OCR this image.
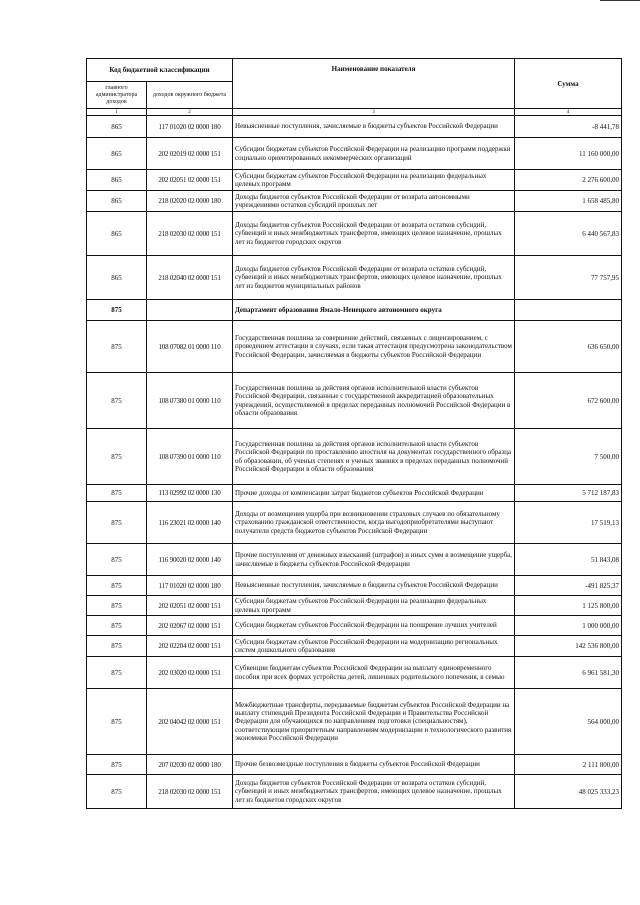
Код бюджетной классификации		Наименование показателя	Сумма
главного администратора доходов	доходов окружного бюджета		
1	2	3	4
865	117 01020 02 0000 180	Невыясненные поступления, зачисляемые в бюджеты субъектов Российской Федерации	-8 441,78
865	202 02019 02 0000 151	Субсидии бюджетам субъектов Российской Федерации на реализацию программ поддержки социально ориентированных некоммерческих организаций	11 160 000,00
865	202 02051 02 0000 151	Субсидии бюджетам субъектов Российской Федерации на реализацию федеральных целевых программ	2 276 600,00
865	218 02020 02 0000 180	Доходы бюджетов субъектов Российской Федерации от возврата автономными учреждениями остатков субсидий прошлых лет	1 658 485,80
865	218 02030 02 0000 151	Доходы бюджетов субъектов Российской Федерации от возврата остатков субсидий, субвенций и иных межбюджетных трансфертов, имеющих целевое назначение, прошлых лет из бюджетов городских округов	6 440 567,83
865	218 02040 02 0000 151	Доходы бюджетов субъектов Российской Федерации от возврата остатков субсидий, субвенций и иных межбюджетных трансфертов, имеющих целевое назначение, прошлых лет из бюджетов муниципальных районов	77 757,95
875		Департамент образования Ямало-Ненецкого автономного округа	
875	108 07082 01 0000 110	Государственная пошлина за совершение действий, связанных с лицензированием, с проведением аттестации в случаях, если такая аттестация предусмотрена законодательством Российской Федерации, зачисляемая в бюджеты субъектов Российской Федерации	636 650,00
875	108 07380 01 0000 110	Государственная пошлина за действия органов исполнительной власти субъектов Российской Федерации, связанные с государственной аккредитацией образовательных учреждений, осуществляемой в пределах переданных полномочий Российской Федерации в области образования	672 600,00
875	108 07390 01 0000 110	Государственная пошлина за действия органов исполнительной власти субъектов Российской Федерации по проставлению апостиля на документах государственного образца об образовании, об ученых степенях и ученых званиях в пределах переданных полномочий Российской Федерации в области образования	7 500,00
875	113 02992 02 0000 130	Прочие доходы от компенсации затрат бюджетов субъектов Российской Федерации	5 712 187,83
875	116 23021 02 0000 140	Доходы от возмещения ущерба при возникновении страховых случаев по обязательному страхованию гражданской ответственности, когда выгодоприобретателями выступают получатели средств бюджетов субъектов Российской Федерации	17 519,13
875	116 90020 02 0000 140	Прочие поступления от денежных взысканий (штрафов) и иных сумм в возмещение ущерба, зачисляемые в бюджеты субъектов Российской Федерации	51 843,08
875	117 01020 02 0000 180	Невыясненные поступления, зачисляемые в бюджеты субъектов Российской Федерации	-491 825,37
875	202 02051 02 0000 151	Субсидии бюджетам субъектов Российской Федерации на реализацию федеральных целевых программ	1 125 800,00
875	202 02067 02 0000 151	Субсидии бюджетам субъектов Российской Федерации на поощрение лучших учителей	1 000 000,00
875	202 02204 02 0000 151	Субсидии бюджетам субъектов Российской Федерации на модернизацию региональных систем дошкольного образования	142 536 800,00
875	202 03020 02 0000 151	Субвенции бюджетам субъектов Российской Федерации на выплату единовременного пособия при всех формах устройства детей, лишенных родительского попечения, в семью	6 961 581,30
875	202 04042 02 0000 151	Межбюджетные трансферты, передаваемые бюджетам субъектов Российской Федерации на выплату стипендий Президента Российской Федерации и Правительства Российской Федерации для обучающихся по направлениям подготовки (специальностям), соответствующим приоритетным направлениям модернизации и технологического развития экономики Российской Федерации	564 000,00
875	207 02030 02 0000 180	Прочие безвозмездные поступления в бюджеты субъектов Российской Федерации	2 111 800,00
875	218 02030 02 0000 151	Доходы бюджетов субъектов Российской Федерации от возврата остатков субсидий, субвенций и иных межбюджетных трансфертов, имеющих целевое назначение, прошлых лет из бюджетов городских округов	48 025 333,23
